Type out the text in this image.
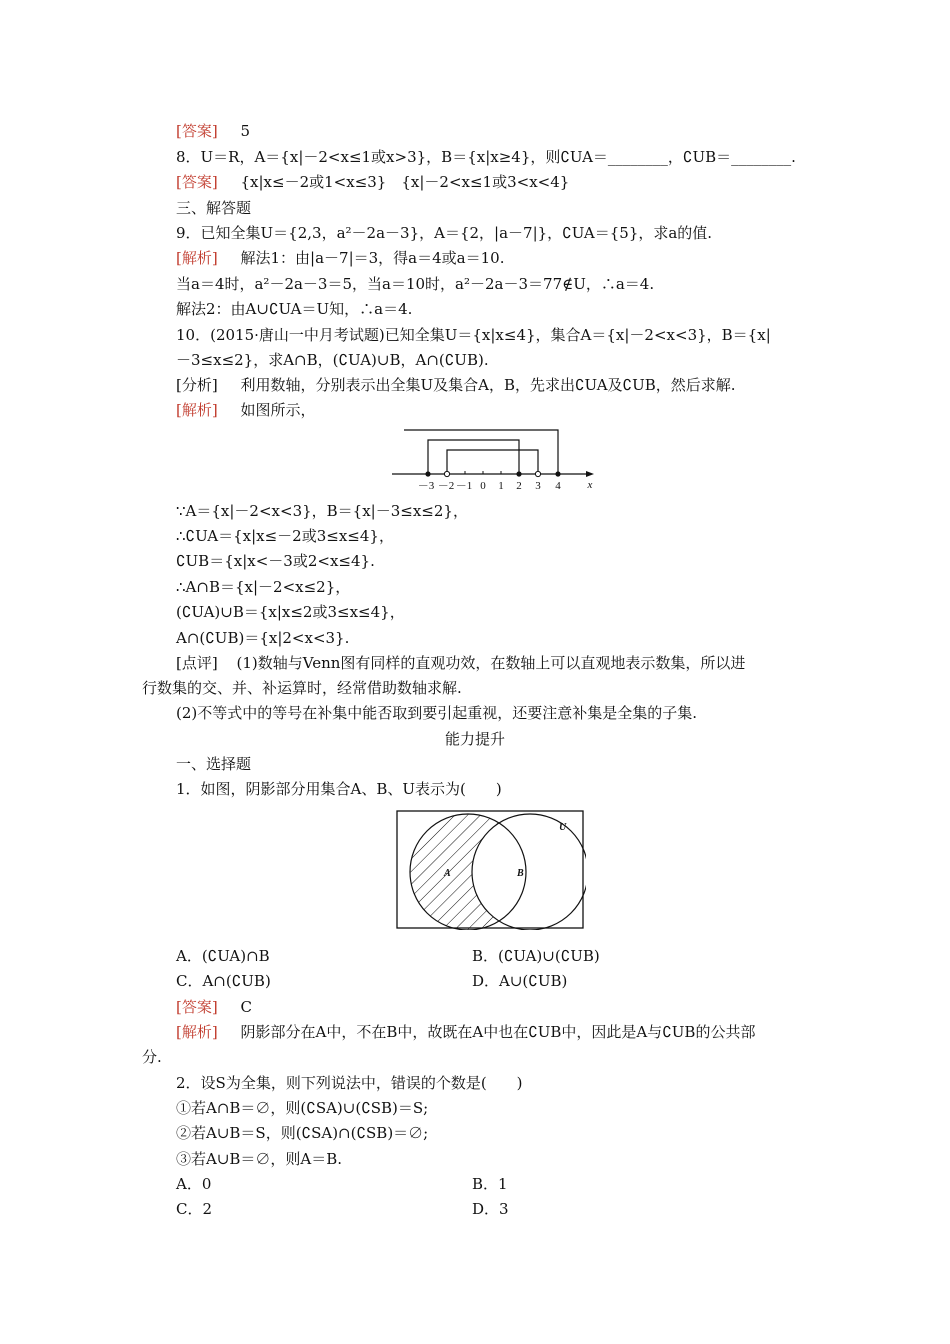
[答案] 5
8．U＝R，A＝{x|－2<x≤1或x>3}，B＝{x|x≥4}，则∁UA＝________，∁UB＝________.
[答案] {x|x≤－2或1<x≤3}　{x|－2<x≤1或3<x<4}
三、解答题
9．已知全集U＝{2,3，a²－2a－3}，A＝{2，|a－7|}，∁UA＝{5}，求a的值.
[解析] 解法1：由|a－7|＝3，得a＝4或a＝10.
当a＝4时，a²－2a－3＝5，当a＝10时，a²－2a－3＝77∉U，∴a＝4.
解法2：由A∪∁UA＝U知，∴a＝4.
10．(2015·唐山一中月考试题)已知全集U＝{x|x≤4}，集合A＝{x|－2<x<3}，B＝{x|
－3≤x≤2}，求A∩B，(∁UA)∪B，A∩(∁UB).
[分析] 利用数轴，分别表示出全集U及集合A，B，先求出∁UA及∁UB，然后求解.
[解析] 如图所示，
－3 －2 －1 0 1 2 3 4 x
∵A＝{x|－2<x<3}，B＝{x|－3≤x≤2}，
∴∁UA＝{x|x≤－2或3≤x≤4}，
∁UB＝{x|x<－3或2<x≤4}.
∴A∩B＝{x|－2<x≤2}，
(∁UA)∪B＝{x|x≤2或3≤x≤4}，
A∩(∁UB)＝{x|2<x<3}.
[点评] (1)数轴与Venn图有同样的直观功效，在数轴上可以直观地表示数集，所以进
行数集的交、并、补运算时，经常借助数轴求解.
(2)不等式中的等号在补集中能否取到要引起重视，还要注意补集是全集的子集.
能力提升
一、选择题
1．如图，阴影部分用集合A、B、U表示为(　　)
U
A	B
A．(∁UA)∩B	B．(∁UA)∪(∁UB)
C．A∩(∁UB)	D．A∪(∁UB)
[答案] C
[解析] 阴影部分在A中，不在B中，故既在A中也在∁UB中，因此是A与∁UB的公共部
分.
2．设S为全集，则下列说法中，错误的个数是(　　)
①若A∩B＝∅，则(∁SA)∪(∁SB)＝S;
②若A∪B＝S，则(∁SA)∩(∁SB)＝∅;
③若A∪B＝∅，则A＝B.
A．0	B．1
C．2	D．3
